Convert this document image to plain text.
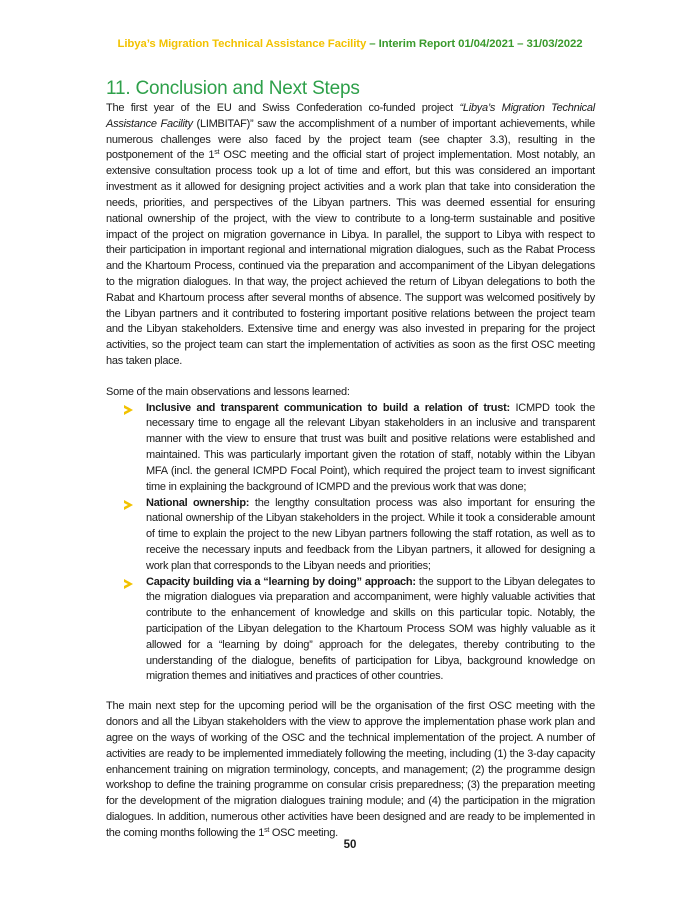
Libya’s Migration Technical Assistance Facility – Interim Report 01/04/2021 – 31/03/2022
11. Conclusion and Next Steps

The first year of the EU and Swiss Confederation co-funded project “Libya’s Migration Technical Assistance Facility (LIMBITAF)” saw the accomplishment of a number of important achievements, while numerous challenges were also faced by the project team (see chapter 3.3), resulting in the postponement of the 1st OSC meeting and the official start of project implementation. Most notably, an extensive consultation process took up a lot of time and effort, but this was considered an important investment as it allowed for designing project activities and a work plan that take into consideration the needs, priorities, and perspectives of the Libyan partners. This was deemed essential for ensuring national ownership of the project, with the view to contribute to a long-term sustainable and positive impact of the project on migration governance in Libya. In parallel, the support to Libya with respect to their participation in important regional and international migration dialogues, such as the Rabat Process and the Khartoum Process, continued via the preparation and accompaniment of the Libyan delegations to the migration dialogues. In that way, the project achieved the return of Libyan delegations to both the Rabat and Khartoum process after several months of absence. The support was welcomed positively by the Libyan partners and it contributed to fostering important positive relations between the project team and the Libyan stakeholders. Extensive time and energy was also invested in preparing for the project activities, so the project team can start the implementation of activities as soon as the first OSC meeting has taken place.

Some of the main observations and lessons learned:

Inclusive and transparent communication to build a relation of trust: ICMPD took the necessary time to engage all the relevant Libyan stakeholders in an inclusive and transparent manner with the view to ensure that trust was built and positive relations were established and maintained. This was particularly important given the rotation of staff, notably within the Libyan MFA (incl. the general ICMPD Focal Point), which required the project team to invest significant time in explaining the background of ICMPD and the previous work that was done;
National ownership: the lengthy consultation process was also important for ensuring the national ownership of the Libyan stakeholders in the project. While it took a considerable amount of time to explain the project to the new Libyan partners following the staff rotation, as well as to receive the necessary inputs and feedback from the Libyan partners, it allowed for designing a work plan that corresponds to the Libyan needs and priorities;
Capacity building via a “learning by doing” approach: the support to the Libyan delegates to the migration dialogues via preparation and accompaniment, were highly valuable activities that contribute to the enhancement of knowledge and skills on this particular topic. Notably, the participation of the Libyan delegation to the Khartoum Process SOM was highly valuable as it allowed for a “learning by doing” approach for the delegates, thereby contributing to the understanding of the dialogue, benefits of participation for Libya, background knowledge on migration themes and initiatives and practices of other countries.

The main next step for the upcoming period will be the organisation of the first OSC meeting with the donors and all the Libyan stakeholders with the view to approve the implementation phase work plan and agree on the ways of working of the OSC and the technical implementation of the project. A number of activities are ready to be implemented immediately following the meeting, including (1) the 3-day capacity enhancement training on migration terminology, concepts, and management; (2) the programme design workshop to define the training programme on consular crisis preparedness; (3) the preparation meeting for the development of the migration dialogues training module; and (4) the participation in the migration dialogues. In addition, numerous other activities have been designed and are ready to be implemented in the coming months following the 1st OSC meeting.

50
